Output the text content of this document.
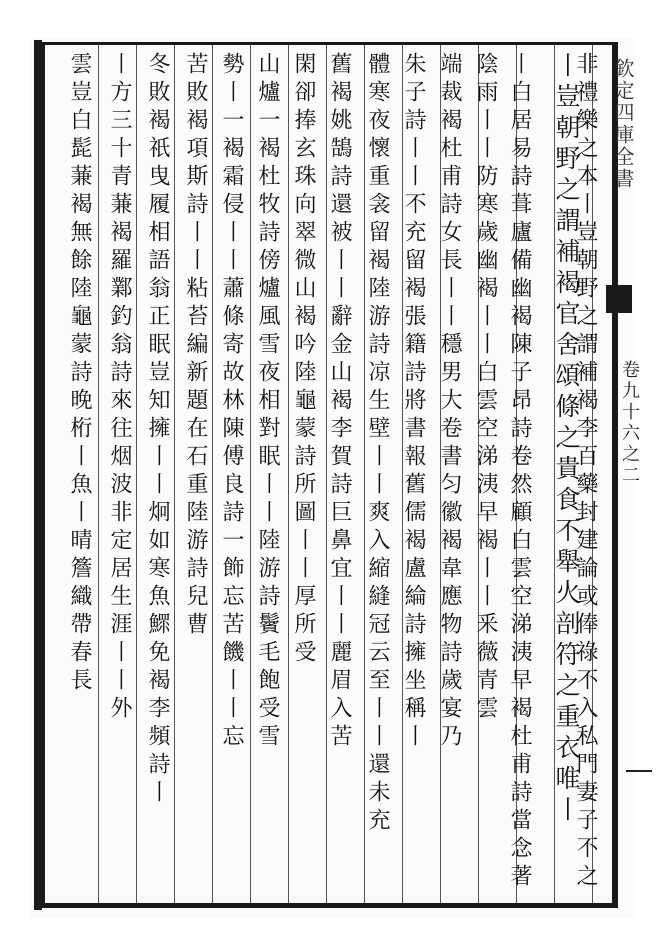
欽定四庫全書
卷九十六之二
非禮樂之本丨豈朝野之謂補褐李百藥封建論或俸祿不入私門妻子不之
丨豈朝野之謂補褐官舍頌條之貴食不舉火剖符之重衣唯丨
丨白居易詩葺廬備幽褐陳子昂詩卷然顧白雲空涕洟早褐杜甫詩當念著
陰雨丨丨防寒歲幽褐丨丨白雲空涕洟早褐丨丨釆薇青雲
端裁褐杜甫詩女長丨丨穩男大卷書匀徽褐韋應物詩歲宴乃
朱子詩丨丨不充留褐張籍詩將書報舊儒褐盧綸詩擁坐稱丨
體寒夜懷重衾留褐陸游詩凉生壁丨丨爽入縮縫冠云至丨丨還未充
舊褐姚鵠詩還被丨丨辭金山褐李賀詩巨鼻宜丨丨麗眉入苦
閑卻捧玄珠向翠微山褐吟陸龜蒙詩所圖丨丨厚所受
山爐一褐杜牧詩傍爐風雪夜相對眠丨丨陸游詩鬢毛飽受雪
勢丨一褐霜侵丨丨蕭條寄故林陳傅良詩一飾忘苦饑丨丨忘
苦敗褐項斯詩丨丨粘苔編新題在石重陸游詩兒曹
冬敗褐祇曳履相語翁正眠豈知擁丨丨炯如寒魚鰥免褐李頻詩丨
丨方三十青蒹褐羅鄴釣翁詩來往烟波非定居生涯丨丨外
雲豈白髭蒹褐無餘陸龜蒙詩晚桁丨魚丨晴簷織帶春長
